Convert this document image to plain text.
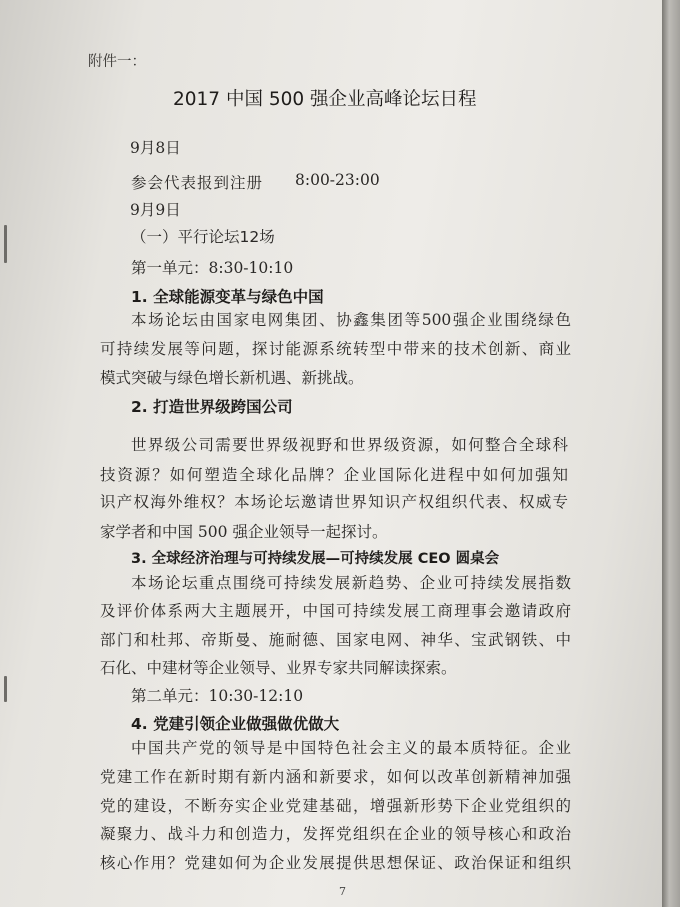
附件一：
2017 中国 500 强企业高峰论坛日程
9月8日
参会代表报到注册 8:00-23:00
9月9日
（一）平行论坛12场
第一单元：8:30-10:10
1. 全球能源变革与绿色中国
本场论坛由国家电网集团、协鑫集团等500强企业围绕绿色
可持续发展等问题，探讨能源系统转型中带来的技术创新、商业
模式突破与绿色增长新机遇、新挑战。
2. 打造世界级跨国公司
世界级公司需要世界级视野和世界级资源，如何整合全球科
技资源？如何塑造全球化品牌？企业国际化进程中如何加强知
识产权海外维权？本场论坛邀请世界知识产权组织代表、权威专
家学者和中国 500 强企业领导一起探讨。
3. 全球经济治理与可持续发展—可持续发展 CEO 圆桌会
本场论坛重点围绕可持续发展新趋势、企业可持续发展指数
及评价体系两大主题展开，中国可持续发展工商理事会邀请政府
部门和杜邦、帝斯曼、施耐德、国家电网、神华、宝武钢铁、中
石化、中建材等企业领导、业界专家共同解读探索。
第二单元：10:30-12:10
4. 党建引领企业做强做优做大
中国共产党的领导是中国特色社会主义的最本质特征。企业
党建工作在新时期有新内涵和新要求，如何以改革创新精神加强
党的建设，不断夯实企业党建基础，增强新形势下企业党组织的
凝聚力、战斗力和创造力，发挥党组织在企业的领导核心和政治
核心作用？党建如何为企业发展提供思想保证、政治保证和组织
7
